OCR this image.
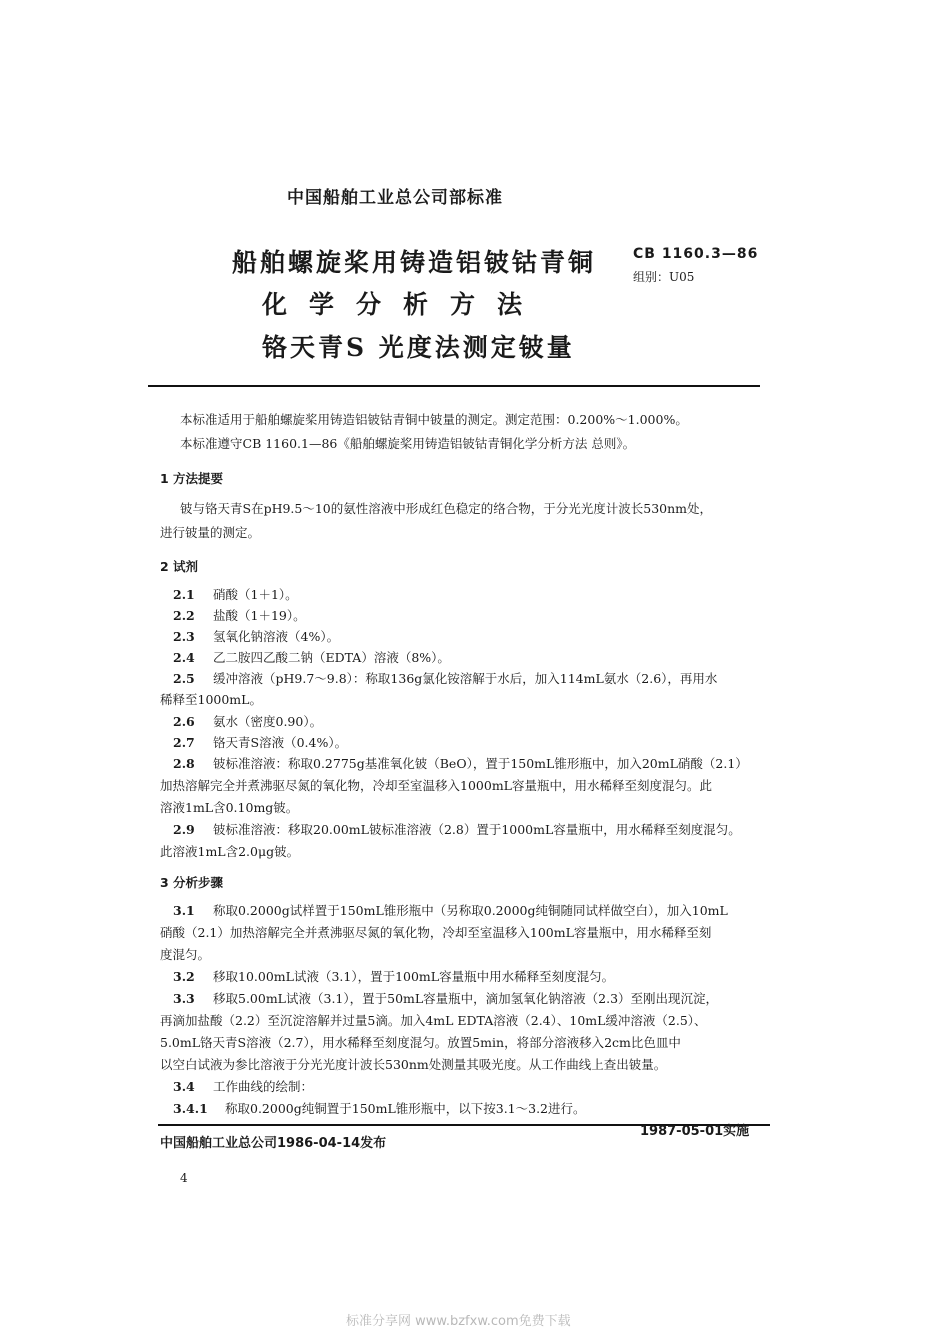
中国船舶工业总公司部标准
船舶螺旋桨用铸造铝铍钴青铜
化学分析方法
铬天青S 光度法测定铍量
CB 1160.3—86
组别：U05
本标准适用于船舶螺旋桨用铸造铝铍钴青铜中铍量的测定。测定范围：0.200%～1.000%。
本标准遵守CB 1160.1—86《船舶螺旋桨用铸造铝铍钴青铜化学分析方法 总则》。
1 方法提要
铍与铬天青S在pH9.5～10的氨性溶液中形成红色稳定的络合物，于分光光度计波长530nm处，
进行铍量的测定。
2 试剂
2.1 硝酸（1＋1）。
2.2 盐酸（1＋19）。
2.3 氢氧化钠溶液（4%）。
2.4 乙二胺四乙酸二钠（EDTA）溶液（8%）。
2.5 缓冲溶液（pH9.7～9.8）：称取136g氯化铵溶解于水后，加入114mL氨水（2.6），再用水
稀释至1000mL。
2.6 氨水（密度0.90）。
2.7 铬天青S溶液（0.4%）。
2.8 铍标准溶液：称取0.2775g基准氧化铍（BeO），置于150mL锥形瓶中，加入20mL硝酸（2.1）
加热溶解完全并煮沸驱尽氮的氧化物，冷却至室温移入1000mL容量瓶中，用水稀释至刻度混匀。此
溶液1mL含0.10mg铍。
2.9 铍标准溶液：移取20.00mL铍标准溶液（2.8）置于1000mL容量瓶中，用水稀释至刻度混匀。
此溶液1mL含2.0μg铍。
3 分析步骤
3.1 称取0.2000g试样置于150mL锥形瓶中（另称取0.2000g纯铜随同试样做空白），加入10mL
硝酸（2.1）加热溶解完全并煮沸驱尽氮的氧化物，冷却至室温移入100mL容量瓶中，用水稀释至刻
度混匀。
3.2 移取10.00mL试液（3.1），置于100mL容量瓶中用水稀释至刻度混匀。
3.3 移取5.00mL试液（3.1），置于50mL容量瓶中，滴加氢氧化钠溶液（2.3）至刚出现沉淀，
再滴加盐酸（2.2）至沉淀溶解并过量5滴。加入4mL EDTA溶液（2.4）、10mL缓冲溶液（2.5）、
5.0mL铬天青S溶液（2.7），用水稀释至刻度混匀。放置5min，将部分溶液移入2cm比色皿中
以空白试液为参比溶液于分光光度计波长530nm处测量其吸光度。从工作曲线上查出铍量。
3.4 工作曲线的绘制：
3.4.1 称取0.2000g纯铜置于150mL锥形瓶中，以下按3.1～3.2进行。
中国船舶工业总公司1986-04-14发布
1987-05-01实施
4
标准分享网 www.bzfxw.com免费下载
